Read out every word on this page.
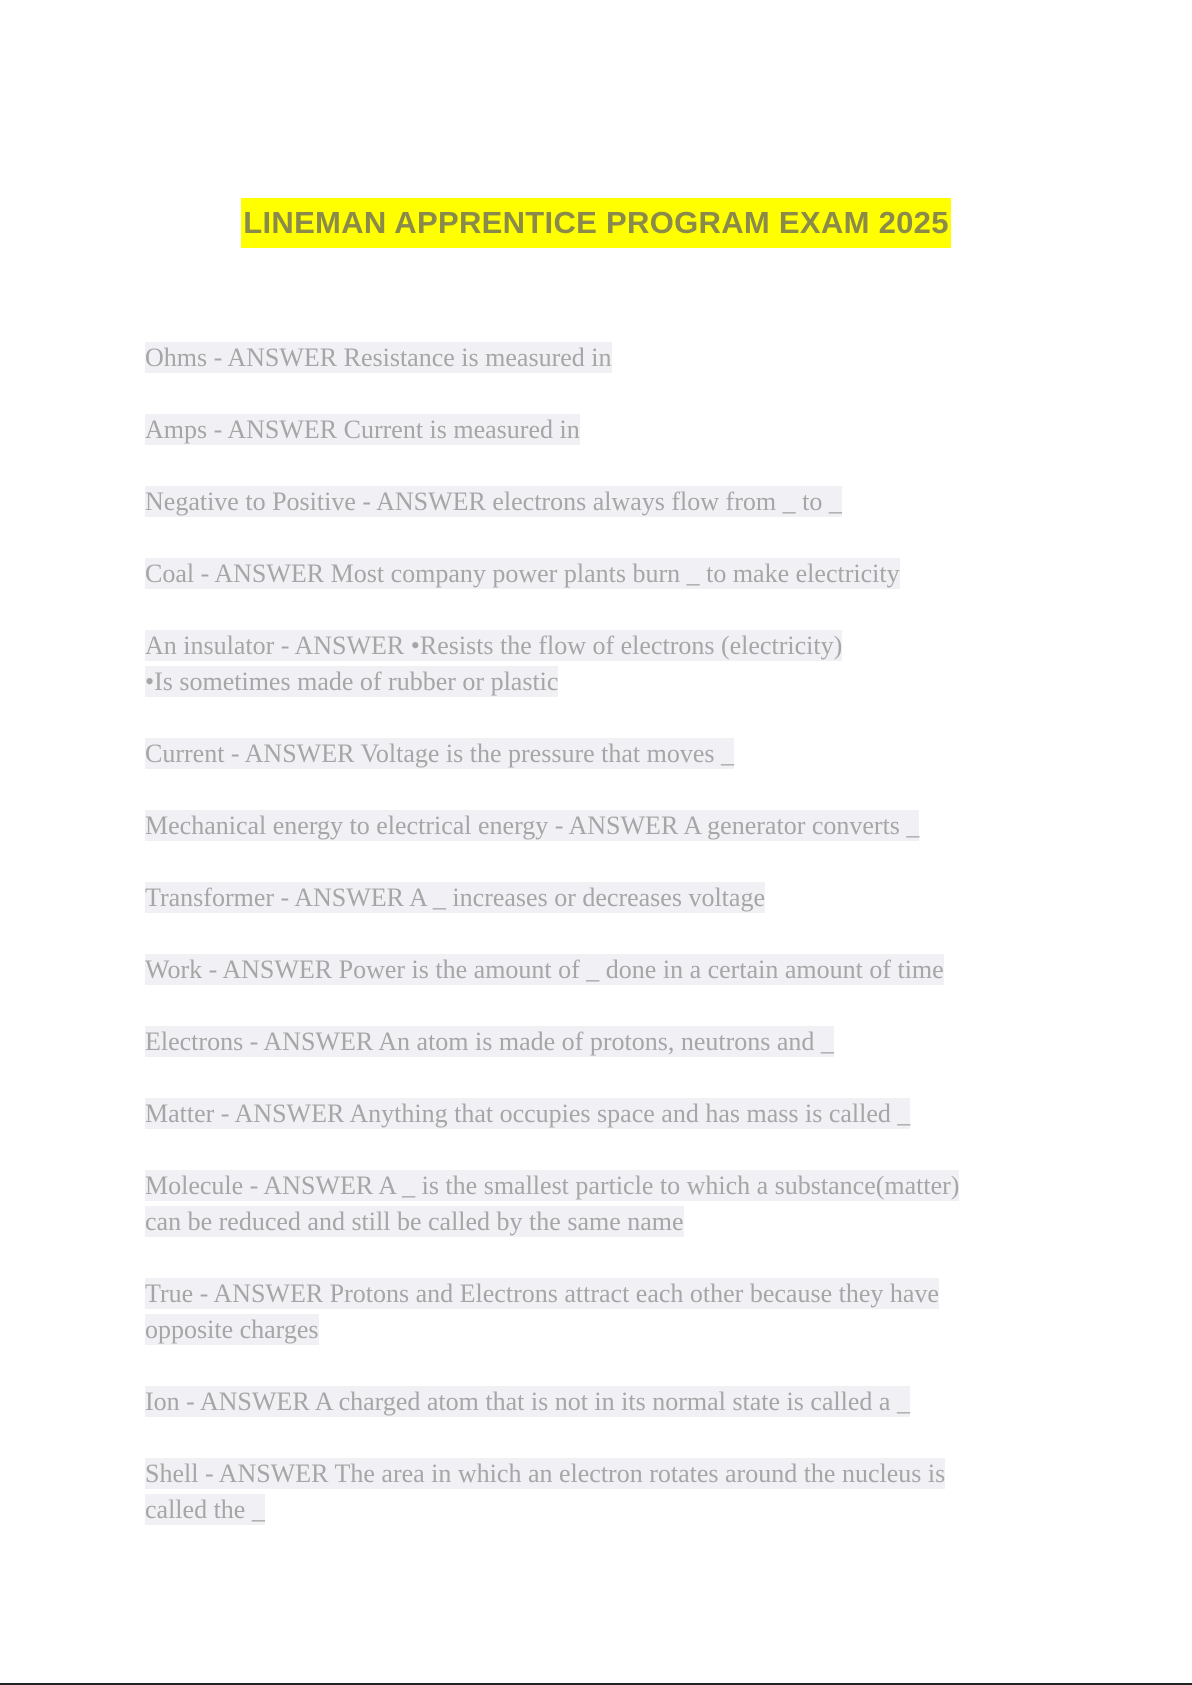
LINEMAN APPRENTICE PROGRAM EXAM 2025
Ohms - ANSWER Resistance is measured in
Amps - ANSWER Current is measured in
Negative to Positive - ANSWER electrons always flow from _ to _
Coal - ANSWER Most company power plants burn _ to make electricity
An insulator - ANSWER •Resists the flow of electrons (electricity)
•Is sometimes made of rubber or plastic
Current - ANSWER Voltage is the pressure that moves _
Mechanical energy to electrical energy - ANSWER A generator converts _
Transformer - ANSWER A _ increases or decreases voltage
Work - ANSWER Power is the amount of _ done in a certain amount of time
Electrons - ANSWER An atom is made of protons, neutrons and _
Matter - ANSWER Anything that occupies space and has mass is called _
Molecule - ANSWER A _ is the smallest particle to which a substance(matter)
can be reduced and still be called by the same name
True - ANSWER Protons and Electrons attract each other because they have
opposite charges
Ion - ANSWER A charged atom that is not in its normal state is called a _
Shell - ANSWER The area in which an electron rotates around the nucleus is
called the _
